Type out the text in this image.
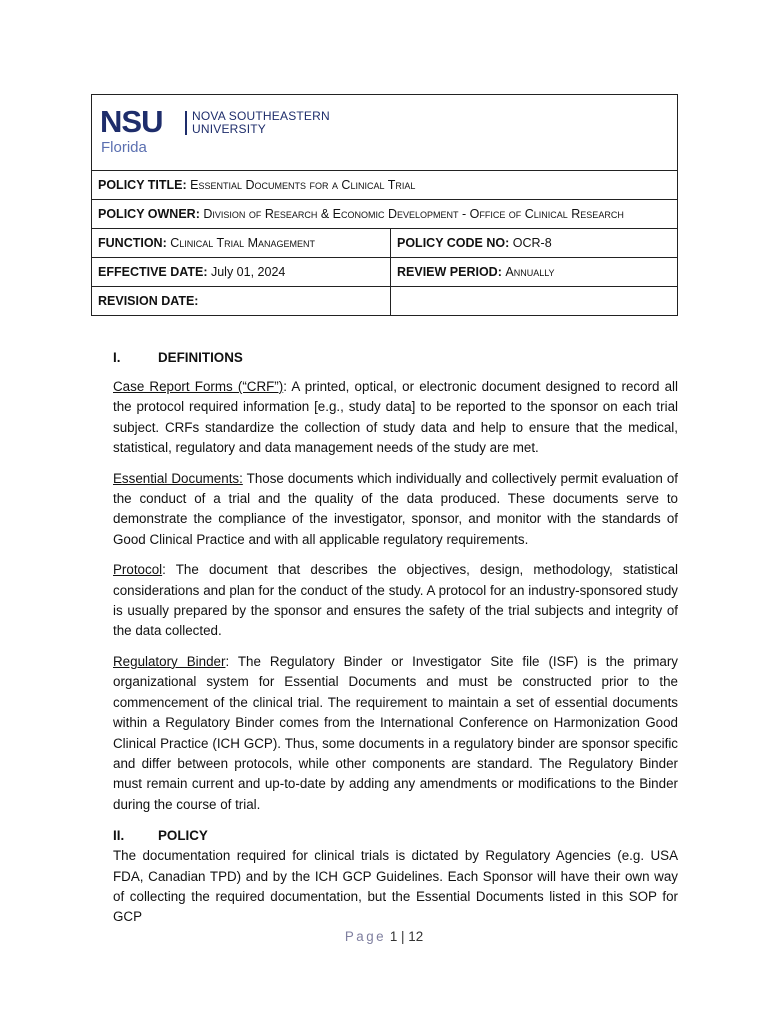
NSU NOVA SOUTHEASTERN
UNIVERSITY
Florida	

POLICY TITLE: Essential Documents for a Clinical Trial	
POLICY OWNER: Division of Research & Economic Development - Office of Clinical Research	
FUNCTION: Clinical Trial Management	POLICY CODE NO: OCR-8
EFFECTIVE DATE: July 01, 2024	REVIEW PERIOD: Annually
REVISION DATE:	
I.	DEFINITIONS

Case Report Forms (“CRF”): A printed, optical, or electronic document designed to record all the protocol required information [e.g., study data] to be reported to the sponsor on each trial subject. CRFs standardize the collection of study data and help to ensure that the medical, statistical, regulatory and data management needs of the study are met.

Essential Documents: Those documents which individually and collectively permit evaluation of the conduct of a trial and the quality of the data produced. These documents serve to demonstrate the compliance of the investigator, sponsor, and monitor with the standards of Good Clinical Practice and with all applicable regulatory requirements.

Protocol: The document that describes the objectives, design, methodology, statistical considerations and plan for the conduct of the study. A protocol for an industry-sponsored study is usually prepared by the sponsor and ensures the safety of the trial subjects and integrity of the data collected.

Regulatory Binder: The Regulatory Binder or Investigator Site file (ISF) is the primary organizational system for Essential Documents and must be constructed prior to the commencement of the clinical trial. The requirement to maintain a set of essential documents within a Regulatory Binder comes from the International Conference on Harmonization Good Clinical Practice (ICH GCP). Thus, some documents in a regulatory binder are sponsor specific and differ between protocols, while other components are standard. The Regulatory Binder must remain current and up-to-date by adding any amendments or modifications to the Binder during the course of trial.

II.	POLICY

The documentation required for clinical trials is dictated by Regulatory Agencies (e.g. USA FDA, Canadian TPD) and by the ICH GCP Guidelines. Each Sponsor will have their own way of collecting the required documentation, but the Essential Documents listed in this SOP for GCP

Page 1 | 12
